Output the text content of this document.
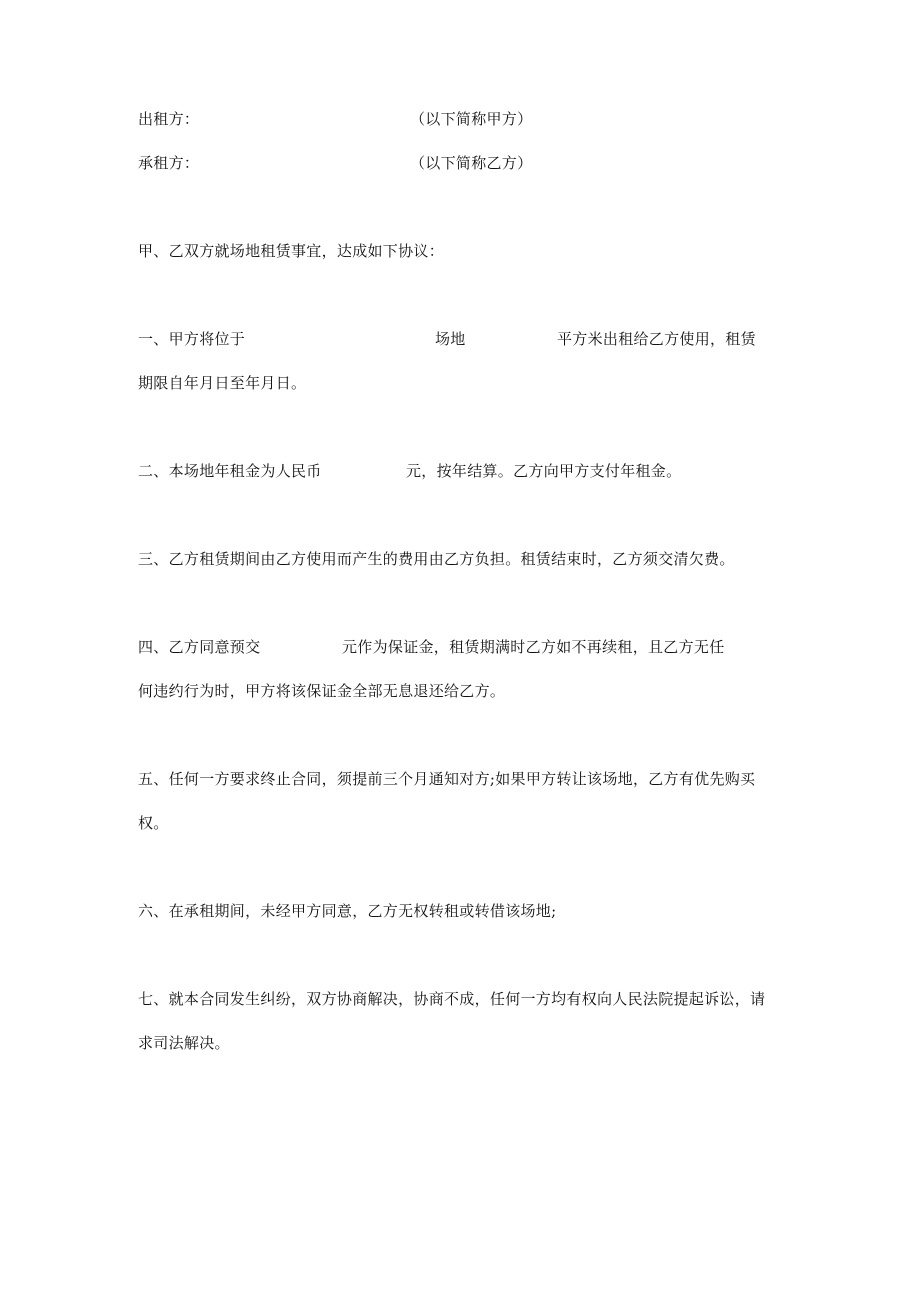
出租方：	（以下简称甲方）
承租方：	（以下简称乙方）
甲、乙双方就场地租赁事宜，达成如下协议：
一、甲方将位于	场地	平方米出租给乙方使用，租赁
期限自年月日至年月日。
二、本场地年租金为人民币	元，按年结算。乙方向甲方支付年租金。
三、乙方租赁期间由乙方使用而产生的费用由乙方负担。租赁结束时，乙方须交清欠费。
四、乙方同意预交	元作为保证金，租赁期满时乙方如不再续租，且乙方无任
何违约行为时，甲方将该保证金全部无息退还给乙方。
五、任何一方要求终止合同，须提前三个月通知对方;如果甲方转让该场地，乙方有优先购买
权。
六、在承租期间，未经甲方同意，乙方无权转租或转借该场地;
七、就本合同发生纠纷，双方协商解决，协商不成，任何一方均有权向人民法院提起诉讼，请
求司法解决。
